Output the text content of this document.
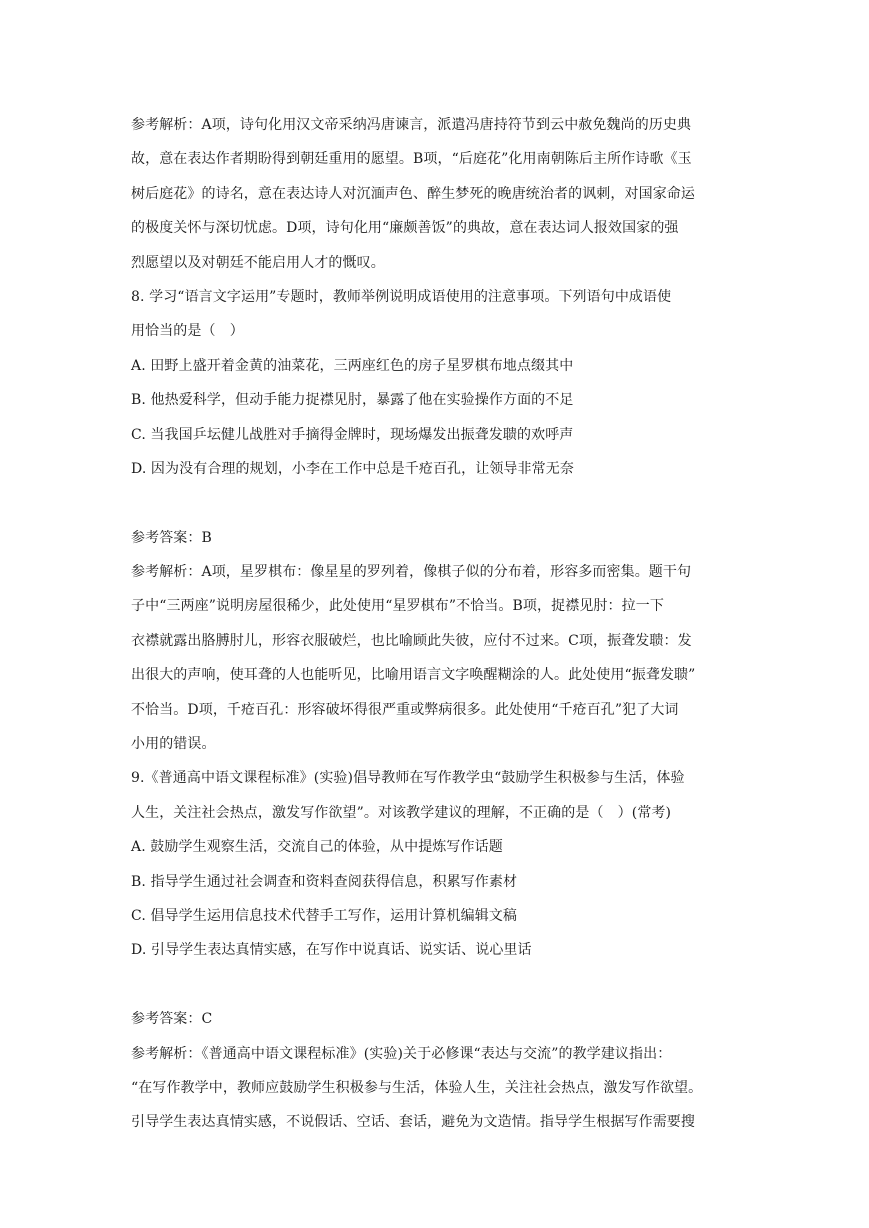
参考解析：A项，诗句化用汉文帝采纳冯唐谏言，派遣冯唐持符节到云中赦免魏尚的历史典
故，意在表达作者期盼得到朝廷重用的愿望。B项，“后庭花”化用南朝陈后主所作诗歌《玉
树后庭花》的诗名，意在表达诗人对沉湎声色、醉生梦死的晚唐统治者的讽刺，对国家命运
的极度关怀与深切忧虑。D项，诗句化用“廉颇善饭”的典故，意在表达词人报效国家的强
烈愿望以及对朝廷不能启用人才的慨叹。
8. 学习“语言文字运用”专题时，教师举例说明成语使用的注意事项。下列语句中成语使
用恰当的是（　）
A. 田野上盛开着金黄的油菜花，三两座红色的房子星罗棋布地点缀其中
B. 他热爱科学，但动手能力捉襟见肘，暴露了他在实验操作方面的不足
C. 当我国乒坛健儿战胜对手摘得金牌时，现场爆发出振聋发聩的欢呼声
D. 因为没有合理的规划，小李在工作中总是千疮百孔，让领导非常无奈
参考答案：B
参考解析：A项，星罗棋布：像星星的罗列着，像棋子似的分布着，形容多而密集。题干句
子中“三两座”说明房屋很稀少，此处使用“星罗棋布”不恰当。B项，捉襟见肘：拉一下
衣襟就露出胳膊肘儿，形容衣服破烂，也比喻顾此失彼，应付不过来。C项，振聋发聩：发
出很大的声响，使耳聋的人也能听见，比喻用语言文字唤醒糊涂的人。此处使用“振聋发聩”
不恰当。D项，千疮百孔：形容破坏得很严重或弊病很多。此处使用“千疮百孔”犯了大词
小用的错误。
9.《普通高中语文课程标准》(实验)倡导教师在写作教学虫“鼓励学生积极参与生活，体验
人生，关注社会热点，激发写作欲望”。对该教学建议的理解，不正确的是（　）(常考)
A. 鼓励学生观察生活，交流自己的体验，从中提炼写作话题
B. 指导学生通过社会调查和资料查阅获得信息，积累写作素材
C. 倡导学生运用信息技术代替手工写作，运用计算机编辑文稿
D. 引导学生表达真情实感，在写作中说真话、说实话、说心里话
参考答案：C
参考解析：《普通高中语文课程标准》(实验)关于必修课“表达与交流”的教学建议指出：
“在写作教学中，教师应鼓励学生积极参与生活，体验人生，关注社会热点，激发写作欲望。
引导学生表达真情实感，不说假话、空话、套话，避免为文造情。指导学生根据写作需要搜
